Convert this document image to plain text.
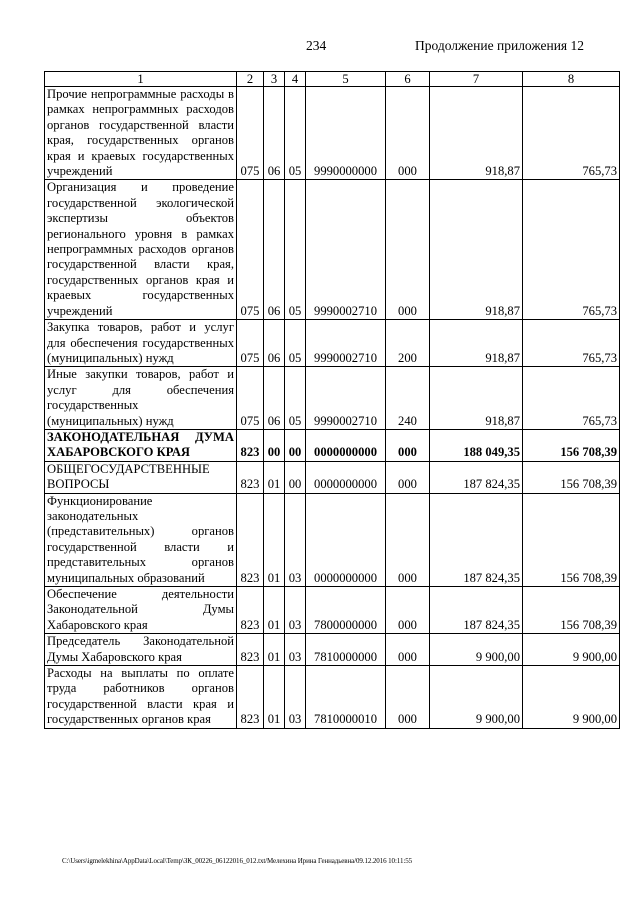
234	Продолжение приложения 12
1	2	3	4	5	6	7	8
Прочие непрограммные расходы в рамках непрограммных расходов органов государственной власти края, государственных органов края и краевых государственных учреждений	075	06	05	9990000000	000	918,87	765,73
Организация и проведение государственной экологической экспертизы объектов регионального уровня в рамках непрограммных расходов органов государственной власти края, государственных органов края и краевых государственных учреждений	075	06	05	9990002710	000	918,87	765,73
Закупка товаров, работ и услуг для обеспечения государственных (муниципальных) нужд	075	06	05	9990002710	200	918,87	765,73
Иные закупки товаров, работ и услуг для обеспечения государственных (муниципальных) нужд	075	06	05	9990002710	240	918,87	765,73
ЗАКОНОДАТЕЛЬНАЯ ДУМА ХАБАРОВСКОГО КРАЯ	823	00	00	0000000000	000	188 049,35	156 708,39
ОБЩЕГОСУДАРСТВЕННЫЕ ВОПРОСЫ	823	01	00	0000000000	000	187 824,35	156 708,39
Функционирование законодательных (представительных) органов государственной власти и представительных органов муниципальных образований	823	01	03	0000000000	000	187 824,35	156 708,39
Обеспечение деятельности Законодательной Думы Хабаровского края	823	01	03	7800000000	000	187 824,35	156 708,39
Председатель Законодательной Думы Хабаровского края	823	01	03	7810000000	000	9 900,00	9 900,00
Расходы на выплаты по оплате труда работников органов государственной власти края и государственных органов края	823	01	03	7810000010	000	9 900,00	9 900,00
C:\Users\igmelekhina\AppData\Local\Temp\ЗК_00226_06122016_012.txt/Мелехина Ирина Геннадьевна/09.12.2016 10:11:55
